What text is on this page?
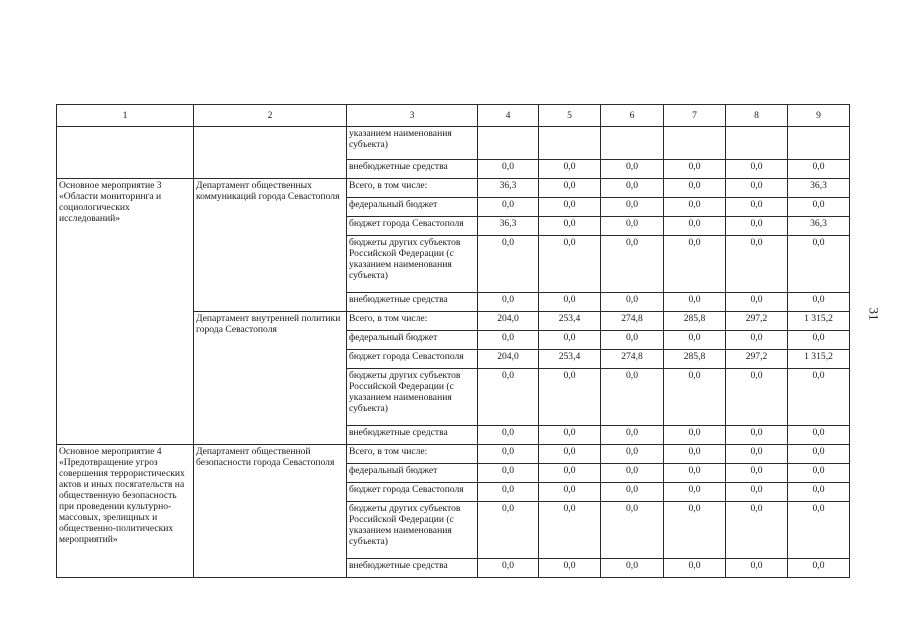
1	2	3	4	5	6	7	8	9
		указанием наименования субъекта)						
		внебюджетные средства	0,0	0,0	0,0	0,0	0,0	0,0
Основное мероприятие 3 «Области мониторинга и социологических исследований»	Департамент общественных коммуникаций города Севастополя	Всего, в том числе:	36,3	0,0	0,0	0,0	0,0	36,3
		федеральный бюджет	0,0	0,0	0,0	0,0	0,0	0,0
		бюджет города Севастополя	36,3	0,0	0,0	0,0	0,0	36,3
		бюджеты других субъектов Российской Федерации (с указанием наименования субъекта)	0,0	0,0	0,0	0,0	0,0	0,0
		внебюджетные средства	0,0	0,0	0,0	0,0	0,0	0,0
	Департамент внутренней политики города Севастополя	Всего, в том числе:	204,0	253,4	274,8	285,8	297,2	1 315,2
		федеральный бюджет	0,0	0,0	0,0	0,0	0,0	0,0
		бюджет города Севастополя	204,0	253,4	274,8	285,8	297,2	1 315,2
		бюджеты других субъектов Российской Федерации (с указанием наименования субъекта)	0,0	0,0	0,0	0,0	0,0	0,0
		внебюджетные средства	0,0	0,0	0,0	0,0	0,0	0,0
Основное мероприятие 4 «Предотвращение угроз совершения террористических актов и иных посягательств на общественную безопасность при проведении культурно-массовых, зрелищных и общественно-политических мероприятий»	Департамент общественной безопасности города Севастополя	Всего, в том числе:	0,0	0,0	0,0	0,0	0,0	0,0
		федеральный бюджет	0,0	0,0	0,0	0,0	0,0	0,0
		бюджет города Севастополя	0,0	0,0	0,0	0,0	0,0	0,0
		бюджеты других субъектов Российской Федерации (с указанием наименования субъекта)	0,0	0,0	0,0	0,0	0,0	0,0
		внебюджетные средства	0,0	0,0	0,0	0,0	0,0	0,0
31
